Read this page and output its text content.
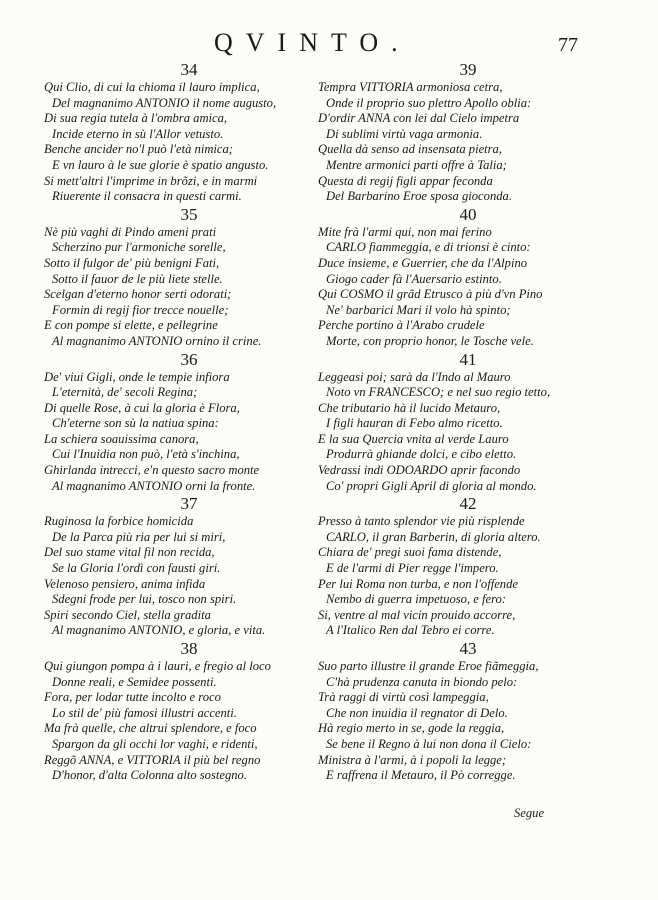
QVINTO.	77
34
Qui Clio, di cui la chioma il lauro implica,
Del magnanimo ANTONIO il nome augusto,
Di sua regia tutela à l'ombra amica,
Incide eterno in sù l'Allor vetusto.
Benche ancider no'l può l'età nimica;
E vn lauro à le sue glorie è spatio angusto.
Si mett'altri l'imprime in brõzi, e in marmi
Riuerente il consacra in questi carmi.
35
Nè più vaghi di Pindo ameni prati
Scherzino pur l'armoniche sorelle,
Sotto il fulgor de' più benigni Fati,
Sotto il fauor de le più liete stelle.
Scelgan d'eterno honor serti odorati;
Formin di regij fior trecce nouelle;
E con pompe si elette, e pellegrine
Al magnanimo ANTONIO ornino il crine.
36
De' viui Gigli, onde le tempie infiora
L'eternità, de' secoli Regina;
Di quelle Rose, à cui la gloria è Flora,
Ch'eterne son sù la natiua spina:
La schiera soauissima canora,
Cui l'Inuidia non può, l'età s'inchina,
Ghirlanda intrecci, e'n questo sacro monte
Al magnanimo ANTONIO orni la fronte.
37
Ruginosa la forbice homicida
De la Parca più ria per lui si miri,
Del suo stame vital fil non recida,
Se la Gloria l'ordì con fausti giri.
Velenoso pensiero, anima infida
Sdegni frode per lui, tosco non spiri.
Spiri secondo Ciel, stella gradita
Al magnanimo ANTONIO, e gloria, e vita.
38
Qui giungon pompa à i lauri, e fregio al loco
Donne reali, e Semidee possenti.
Fora, per lodar tutte incolto e roco
Lo stil de' più famosi illustri accenti.
Ma frà quelle, che altrui splendore, e foco
Spargon da gli occhi lor vaghi, e ridenti,
Reggõ ANNA, e VITTORIA il più bel regno
D'honor, d'alta Colonna alto sostegno.
39
Tempra VITTORIA armoniosa cetra,
Onde il proprio suo plettro Apollo oblia:
D'ordir ANNA con lei dal Cielo impetra
Di sublimi virtù vaga armonia.
Quella dà senso ad insensata pietra,
Mentre armonici parti offre à Talia;
Questa di regij figli appar feconda
Del Barbarino Eroe sposa gioconda.
40
Mite frà l'armi qui, non mai ferino
CARLO fiammeggia, e di trionsi è cinto:
Duce insieme, e Guerrier, che da l'Alpino
Giogo cader fà l'Auersario estinto.
Qui COSMO il grãd Etrusco à più d'vn Pino
Ne' barbarici Mari il volo hà spinto;
Perche portino à l'Arabo crudele
Morte, con proprio honor, le Tosche vele.
41
Leggeasi poi; sarà da l'Indo al Mauro
Noto vn FRANCESCO; e nel suo regio tetto,
Che tributario hà il lucido Metauro,
I figli hauran di Febo almo ricetto.
E la sua Quercia vnita al verde Lauro
Produrrà ghiande dolci, e cibo eletto.
Vedrassi indi ODOARDO aprir facondo
Co' propri Gigli April di gloria al mondo.
42
Presso à tanto splendor vie più risplende
CARLO, il gran Barberin, di gloria altero.
Chiara de' pregi suoi fama distende,
E de l'armi di Pier regge l'impero.
Per lui Roma non turba, e non l'offende
Nembo di guerra impetuoso, e fero:
Si, ventre al mal vicin prouido accorre,
A l'Italico Ren dal Tebro ei corre.
43
Suo parto illustre il grande Eroe fiãmeggia,
C'hà prudenza canuta in biondo pelo:
Trà raggi di virtù così lampeggia,
Che non inuidia il regnator di Delo.
Hà regio merto in se, gode la reggia,
Se bene il Regno à lui non dona il Cielo:
Ministra à l'armi, à i popoli la legge;
E raffrena il Metauro, il Pò corregge.
Segue
